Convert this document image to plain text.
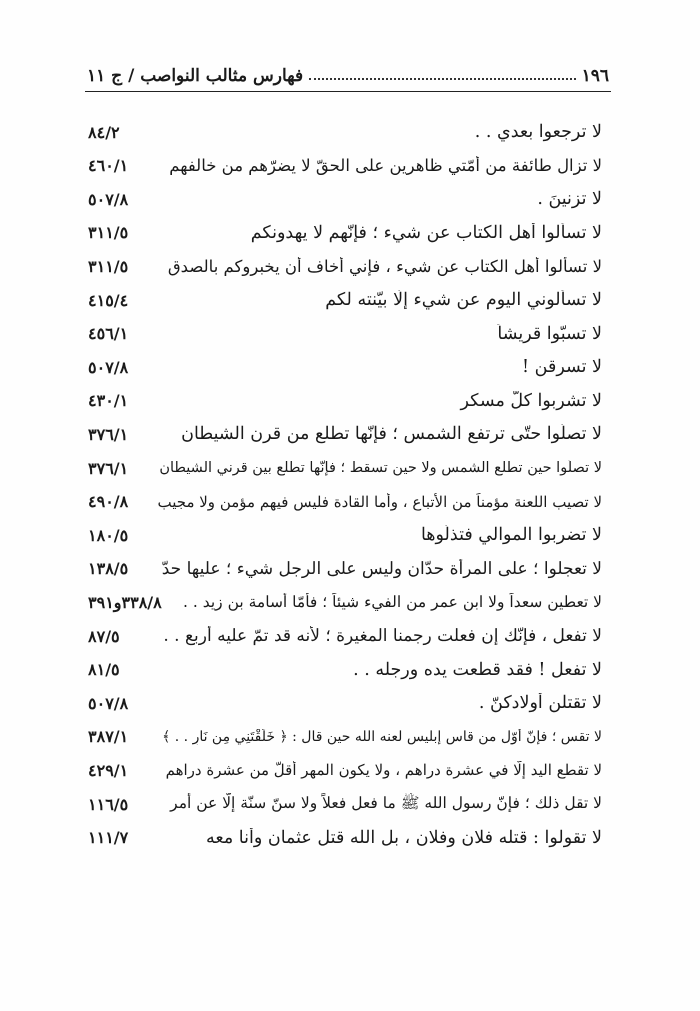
١٩٦
فهارس مثالب النواصب / ج ١١
لا ترجعوا بعدي . .
٨٤/٢
لا تزال طائفة من أُمّتي ظاهرين على الحقّ لا يضرّهم من خالفهم
٤٦٠/١
لا تزنينَ .
٥٠٧/٨
لا تسألوا أهل الكتاب عن شيء ؛ فإنّهم لا يهدونكم
٣١١/٥
لا تسألوا أهل الكتاب عن شيء ، فإني أخاف أن يخبروكم بالصدق
٣١١/٥
لا تسألوني اليوم عن شيء إلّا بيّنته لكم
٤١٥/٤
لا تسبّوا قريشاً
٤٥٦/١
لا تسرقن !
٥٠٧/٨
لا تشربوا كلّ مسكر
٤٣٠/١
لا تصلّوا حتّى ترتفع الشمس ؛ فإنّها تطلع من قرن الشيطان
٣٧٦/١
لا تصلّوا حين تطلع الشمس ولا حين تسقط ؛ فإنّها تطلع بين قرني الشيطان
٣٧٦/١
لا تصيب اللعنة مؤمناً من الأتباع ، وأما القادة فليس فيهم مؤمن ولا مجيب
٤٩٠/٨
لا تضربوا الموالي فتذلّوها
١٨٠/٥
لا تعجلوا ؛ على المرأة حدّان وليس على الرجل شيء ؛ عليها حدّ
١٣٨/٥
لا تعطين سعداً ولا ابن عمر من الفيء شيئاً ؛ فأمّا أُسامة بن زيد . .
٣٣٨/٨و٣٩١
لا تفعل ، فإنّك إن فعلت رجمنا المغيرة ؛ لأنه قد تمّ عليه أربع . .
٨٧/٥
لا تفعل ! فقد قطعت يده ورجله . .
٨١/٥
لا تقتلن أولادكنّ .
٥٠٧/٨
لا تقس ؛ فإنّ أوّل من قاس إبليس لعنه الله حين قال : ﴿ خَلَقْتَنِي مِن نَارٍ . . ﴾
٣٨٧/١
لا تقطع اليد إلّا في عشرة دراهم ، ولا يكون المهر أقلّ من عشرة دراهم
٤٢٩/١
لا تقل ذلك ؛ فإنّ رسول الله ﷺ ما فعل فعلاً ولا سنّ سنّة إلّا عن أمر
١١٦/٥
لا تقولوا : قتله فلان وفلان ، بل الله قتل عثمان وأنا معه
١١١/٧
